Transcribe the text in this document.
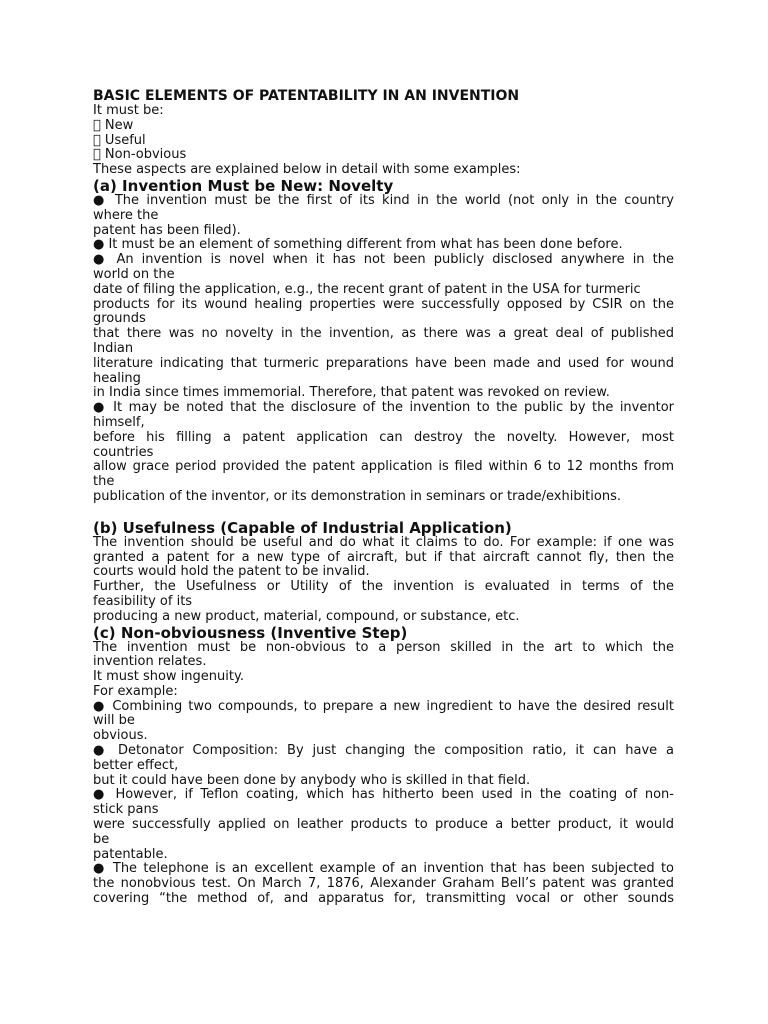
BASIC ELEMENTS OF PATENTABILITY IN AN INVENTION

It must be:

New

Useful

Non-obvious

These aspects are explained below in detail with some examples:

(a) Invention Must be New: Novelty

● The invention must be the first of its kind in the world (not only in the country

where the

patent has been filed).

● It must be an element of something different from what has been done before.

● An invention is novel when it has not been publicly disclosed anywhere in the

world on the

date of filing the application, e.g., the recent grant of patent in the USA for turmeric

products for its wound healing properties were successfully opposed by CSIR on the

grounds

that there was no novelty in the invention, as there was a great deal of published

Indian

literature indicating that turmeric preparations have been made and used for wound

healing

in India since times immemorial. Therefore, that patent was revoked on review.

● It may be noted that the disclosure of the invention to the public by the inventor

himself,

before his filling a patent application can destroy the novelty. However, most

countries

allow grace period provided the patent application is filed within 6 to 12 months from

the

publication of the inventor, or its demonstration in seminars or trade/exhibitions.

(b) Usefulness (Capable of Industrial Application)

The invention should be useful and do what it claims to do. For example: if one was

granted a patent for a new type of aircraft, but if that aircraft cannot fly, then the

courts would hold the patent to be invalid.

Further, the Usefulness or Utility of the invention is evaluated in terms of the

feasibility of its

producing a new product, material, compound, or substance, etc.

(c) Non-obviousness (Inventive Step)

The invention must be non-obvious to a person skilled in the art to which the

invention relates.

It must show ingenuity.

For example:

● Combining two compounds, to prepare a new ingredient to have the desired result

will be

obvious.

● Detonator Composition: By just changing the composition ratio, it can have a

better effect,

but it could have been done by anybody who is skilled in that field.

● However, if Teflon coating, which has hitherto been used in the coating of non-

stick pans

were successfully applied on leather products to produce a better product, it would

be

patentable.

● The telephone is an excellent example of an invention that has been subjected to

the nonobvious test. On March 7, 1876, Alexander Graham Bell’s patent was granted

covering “the method of, and apparatus for, transmitting vocal or other sounds
